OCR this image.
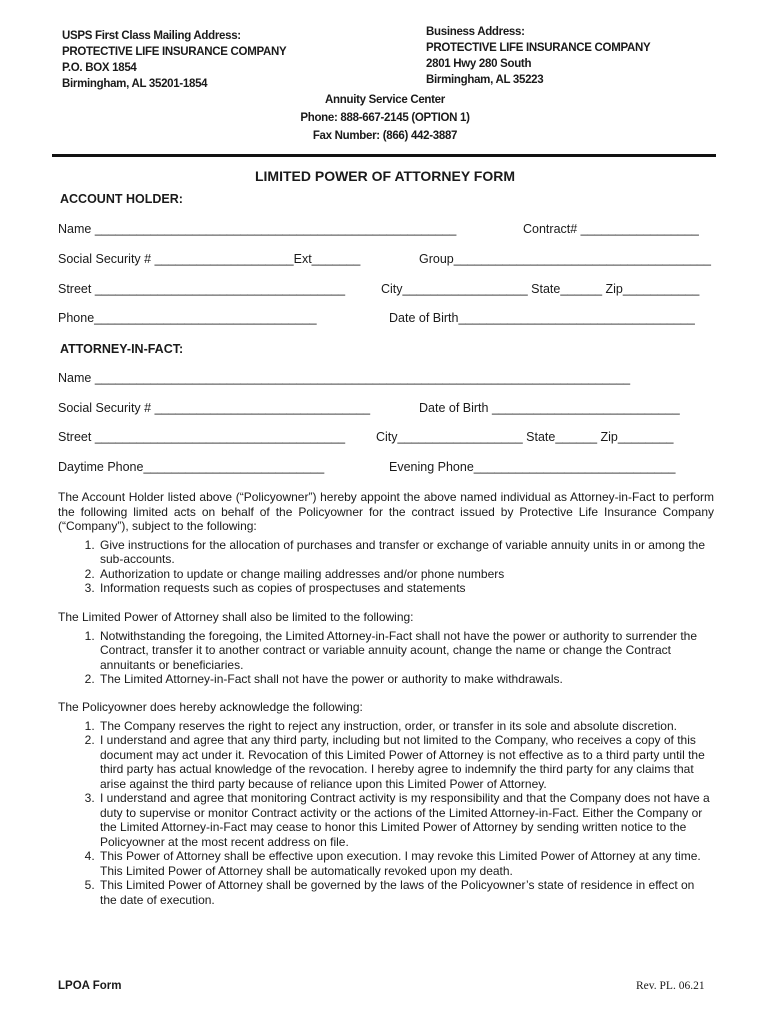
USPS First Class Mailing Address:
PROTECTIVE LIFE INSURANCE COMPANY
P.O. BOX 1854
Birmingham, AL 35201-1854
Business Address:
PROTECTIVE LIFE INSURANCE COMPANY
2801 Hwy 280 South
Birmingham, AL 35223
Annuity Service Center
Phone: 888-667-2145 (OPTION 1)
Fax Number: (866) 442-3887
LIMITED POWER OF ATTORNEY FORM
ACCOUNT HOLDER:
Name ____________________________________________________	Contract# _________________
Social Security # ____________________Ext_______	Group_____________________________________
Street ____________________________________	City__________________ State______ Zip___________
Phone________________________________	Date of Birth__________________________________
ATTORNEY-IN-FACT:
Name _____________________________________________________________________________
Social Security # _______________________________	Date of Birth ___________________________
Street ____________________________________ City__________________ State______ Zip________
Daytime Phone__________________________	Evening Phone_____________________________
The Account Holder listed above (“Policyowner”) hereby appoint the above named individual as Attorney-in-Fact to perform the following limited acts on behalf of the Policyowner for the contract issued by Protective Life Insurance Company (“Company”), subject to the following:
1. Give instructions for the allocation of purchases and transfer or exchange of variable annuity units in or among the sub-accounts.
2. Authorization to update or change mailing addresses and/or phone numbers
3. Information requests such as copies of prospectuses and statements
The Limited Power of Attorney shall also be limited to the following:
1. Notwithstanding the foregoing, the Limited Attorney-in-Fact shall not have the power or authority to surrender the Contract, transfer it to another contract or variable annuity acount, change the name or change the Contract annuitants or beneficiaries.
2. The Limited Attorney-in-Fact shall not have the power or authority to make withdrawals.
The Policyowner does hereby acknowledge the following:
1. The Company reserves the right to reject any instruction, order, or transfer in its sole and absolute discretion.
2. I understand and agree that any third party, including but not limited to the Company, who receives a copy of this document may act under it. Revocation of this Limited Power of Attorney is not effective as to a third party until the third party has actual knowledge of the revocation. I hereby agree to indemnify the third party for any claims that arise against the third party because of reliance upon this Limited Power of Attorney.
3. I understand and agree that monitoring Contract activity is my responsibility and that the Company does not have a duty to supervise or monitor Contract activity or the actions of the Limited Attorney-in-Fact. Either the Company or the Limited Attorney-in-Fact may cease to honor this Limited Power of Attorney by sending written notice to the Policyowner at the most recent address on file.
4. This Power of Attorney shall be effective upon execution. I may revoke this Limited Power of Attorney at any time. This Limited Power of Attorney shall be automatically revoked upon my death.
5. This Limited Power of Attorney shall be governed by the laws of the Policyowner’s state of residence in effect on the date of execution.
LPOA Form	Rev. PL. 06.21
